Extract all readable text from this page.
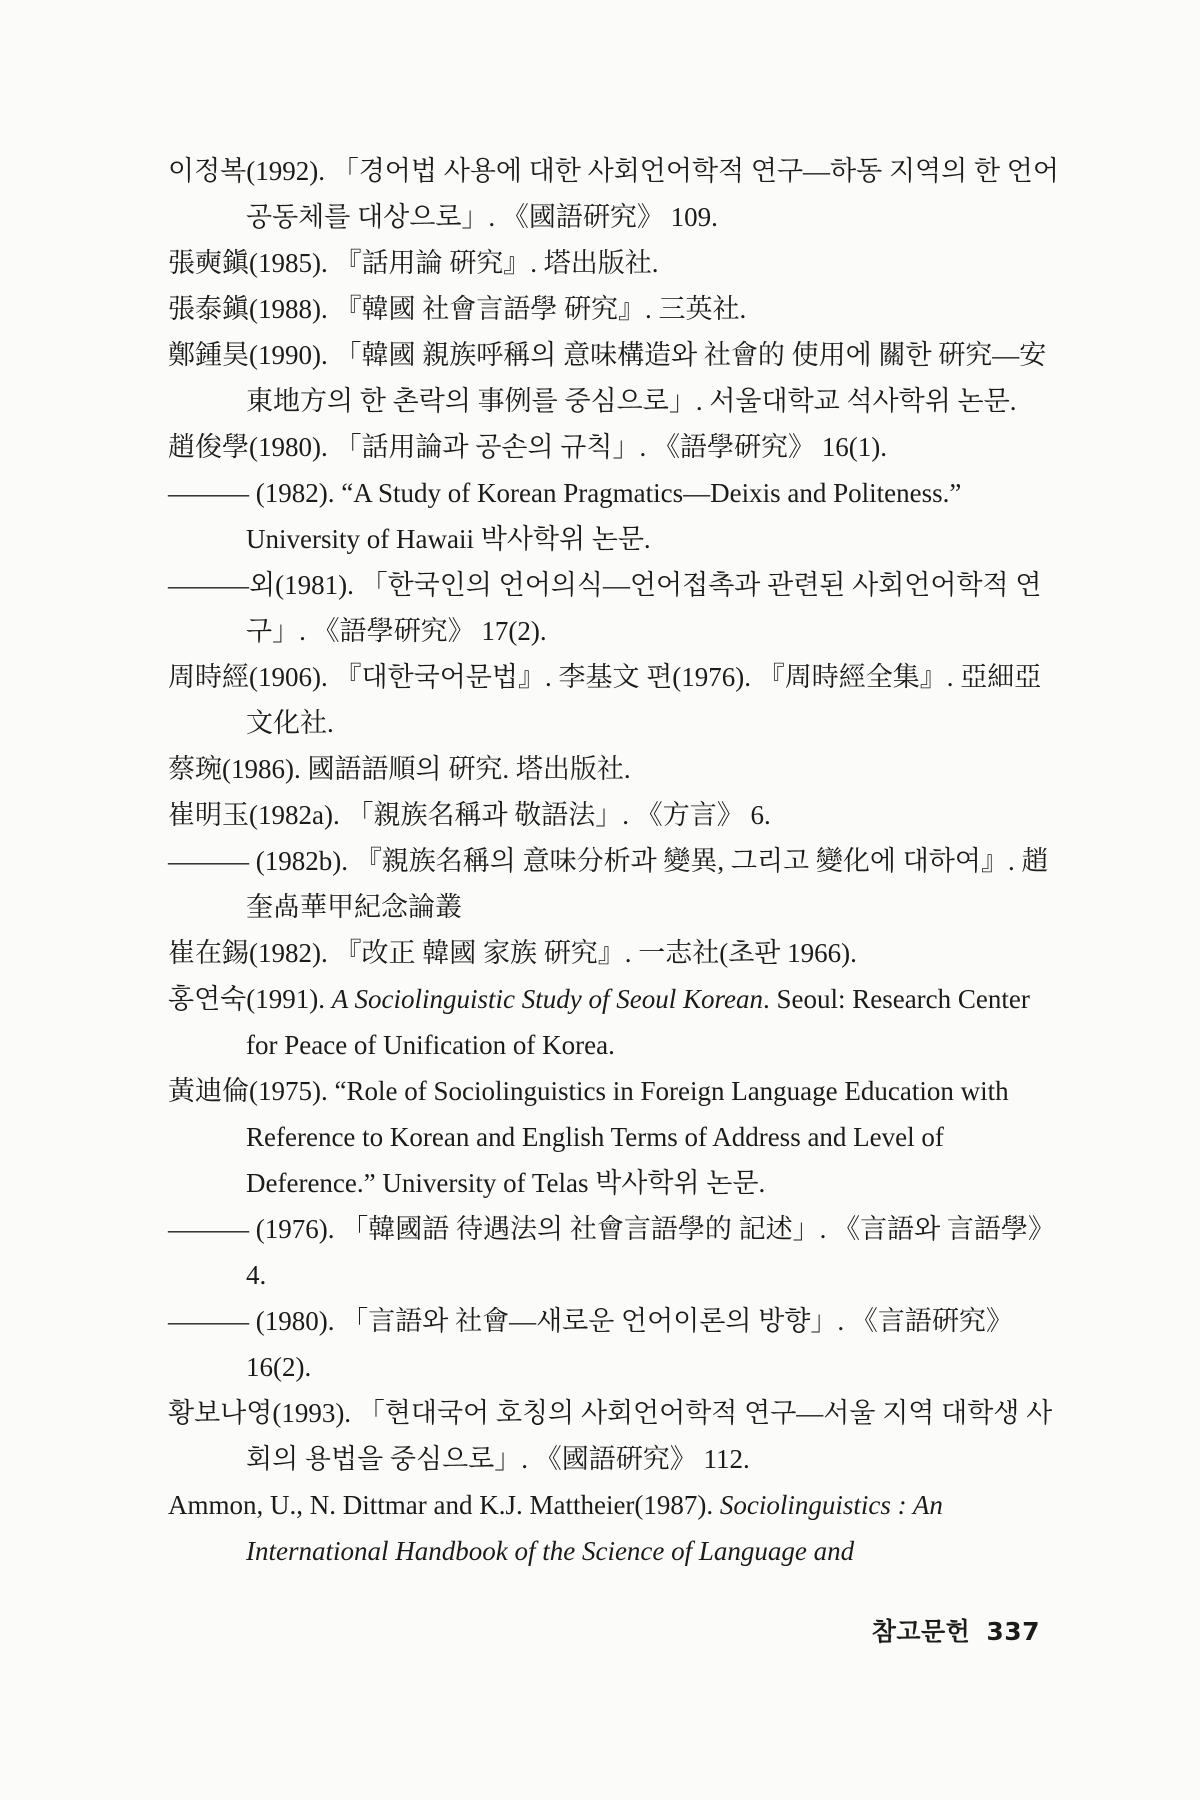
이정복(1992). 「경어법 사용에 대한 사회언어학적 연구—하동 지역의 한 언어공동체를 대상으로」. 《國語硏究》 109.
張奭鎭(1985). 『話用論 硏究』. 塔出版社.
張泰鎭(1988). 『韓國 社會言語學 硏究』. 三英社.
鄭鍾昊(1990). 「韓國 親族呼稱의 意味構造와 社會的 使用에 關한 硏究—安東地方의 한 촌락의 事例를 중심으로」. 서울대학교 석사학위 논문.
趙俊學(1980). 「話用論과 공손의 규칙」. 《語學硏究》 16(1).
——— (1982). “A Study of Korean Pragmatics—Deixis and Politeness.” University of Hawaii 박사학위 논문.
———외(1981). 「한국인의 언어의식—언어접촉과 관련된 사회언어학적 연구」. 《語學硏究》 17(2).
周時經(1906). 『대한국어문법』. 李基文 편(1976). 『周時經全集』. 亞細亞文化社.
蔡琬(1986). 國語語順의 硏究. 塔出版社.
崔明玉(1982a). 「親族名稱과 敬語法」. 《方言》 6.
——— (1982b). 『親族名稱의 意味分析과 變異, 그리고 變化에 대하여』. 趙奎卨華甲紀念論叢
崔在錫(1982). 『改正 韓國 家族 硏究』. 一志社(초판 1966).
홍연숙(1991). A Sociolinguistic Study of Seoul Korean. Seoul: Research Center for Peace of Unification of Korea.
黃迪倫(1975). “Role of Sociolinguistics in Foreign Language Education with Reference to Korean and English Terms of Address and Level of Deference.” University of Telas 박사학위 논문.
——— (1976). 「韓國語 待遇法의 社會言語學的 記述」. 《言語와 言語學》 4.
——— (1980). 「言語와 社會—새로운 언어이론의 방향」. 《言語硏究》 16(2).
황보나영(1993). 「현대국어 호칭의 사회언어학적 연구—서울 지역 대학생 사회의 용법을 중심으로」. 《國語硏究》 112.
Ammon, U., N. Dittmar and K.J. Mattheier(1987). Sociolinguistics : An International Handbook of the Science of Language and
참고문헌 337
